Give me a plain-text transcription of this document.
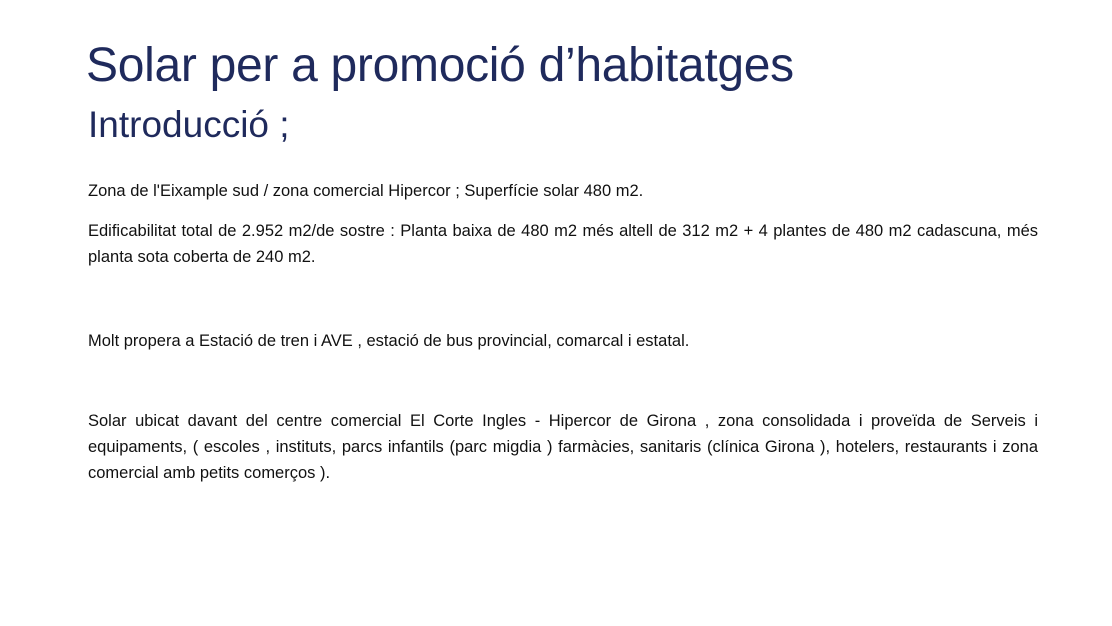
Solar per a promoció d’habitatges
Introducció ;

Zona de l'Eixample sud / zona comercial Hipercor ; Superfície solar 480 m2.

Edificabilitat total de 2.952 m2/de sostre : Planta baixa de 480 m2 més altell de 312 m2 + 4 plantes de 480 m2 cadascuna, més planta sota coberta de 240 m2.

Molt propera a Estació de tren i AVE , estació de bus provincial, comarcal i estatal.

Solar ubicat davant del centre comercial El Corte Ingles - Hipercor de Girona , zona consolidada i proveïda de Serveis i equipaments, ( escoles , instituts, parcs infantils (parc migdia ) farmàcies, sanitaris (clínica Girona ), hotelers, restaurants i zona comercial amb petits comerços ).
